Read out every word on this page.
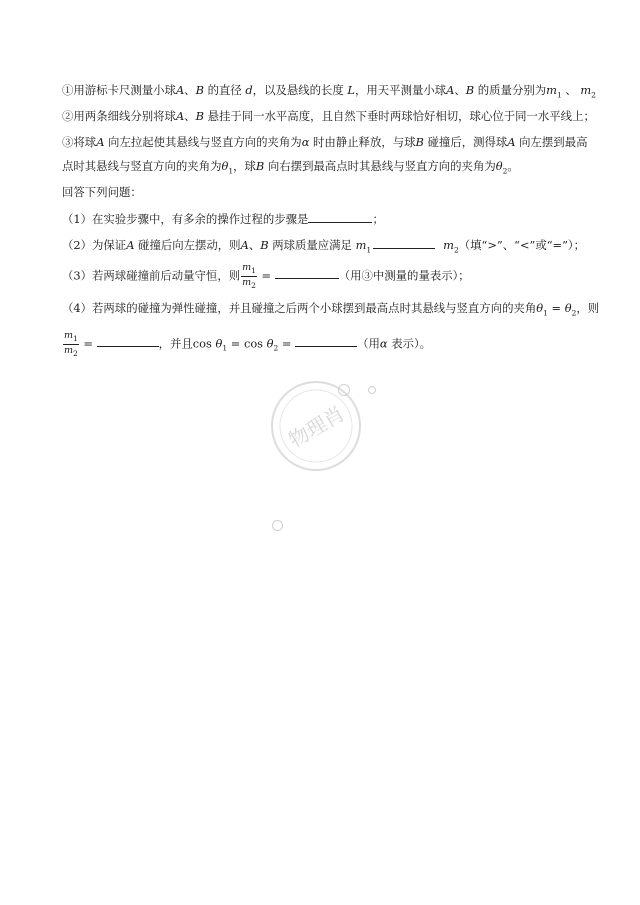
①用游标卡尺测量小球A、B 的直径 d，以及悬线的长度 L，用天平测量小球A、B 的质量分别为$m_1$ 、 $m_2$
②用两条细线分别将球A、B 悬挂于同一水平高度，且自然下垂时两球恰好相切，球心位于同一水平线上；
③将球A 向左拉起使其悬线与竖直方向的夹角为α 时由静止释放，与球B 碰撞后，测得球A 向左摆到最高
点时其悬线与竖直方向的夹角为$\theta_1$，球B 向右摆到最高点时其悬线与竖直方向的夹角为$\theta_2$。
回答下列问题：
（1）在实验步骤中，有多余的操作过程的步骤是	；
（2）为保证A 碰撞后向左摆动，则A、B 两球质量应满足 $m_1$	$m_2$（填“>”、“<”或“=”）；
（3）若两球碰撞前后动量守恒，则 $\frac{m_1}{m_2}$ =	（用③中测量的量表示）；
（4）若两球的碰撞为弹性碰撞，并且碰撞之后两个小球摆到最高点时其悬线与竖直方向的夹角$\theta_1 = \theta_2$，则
$\frac{m_1}{m_2}$ =	，并且$\cos \theta_1 = \cos \theta_2$ =	（用α 表示）。
物理肖
